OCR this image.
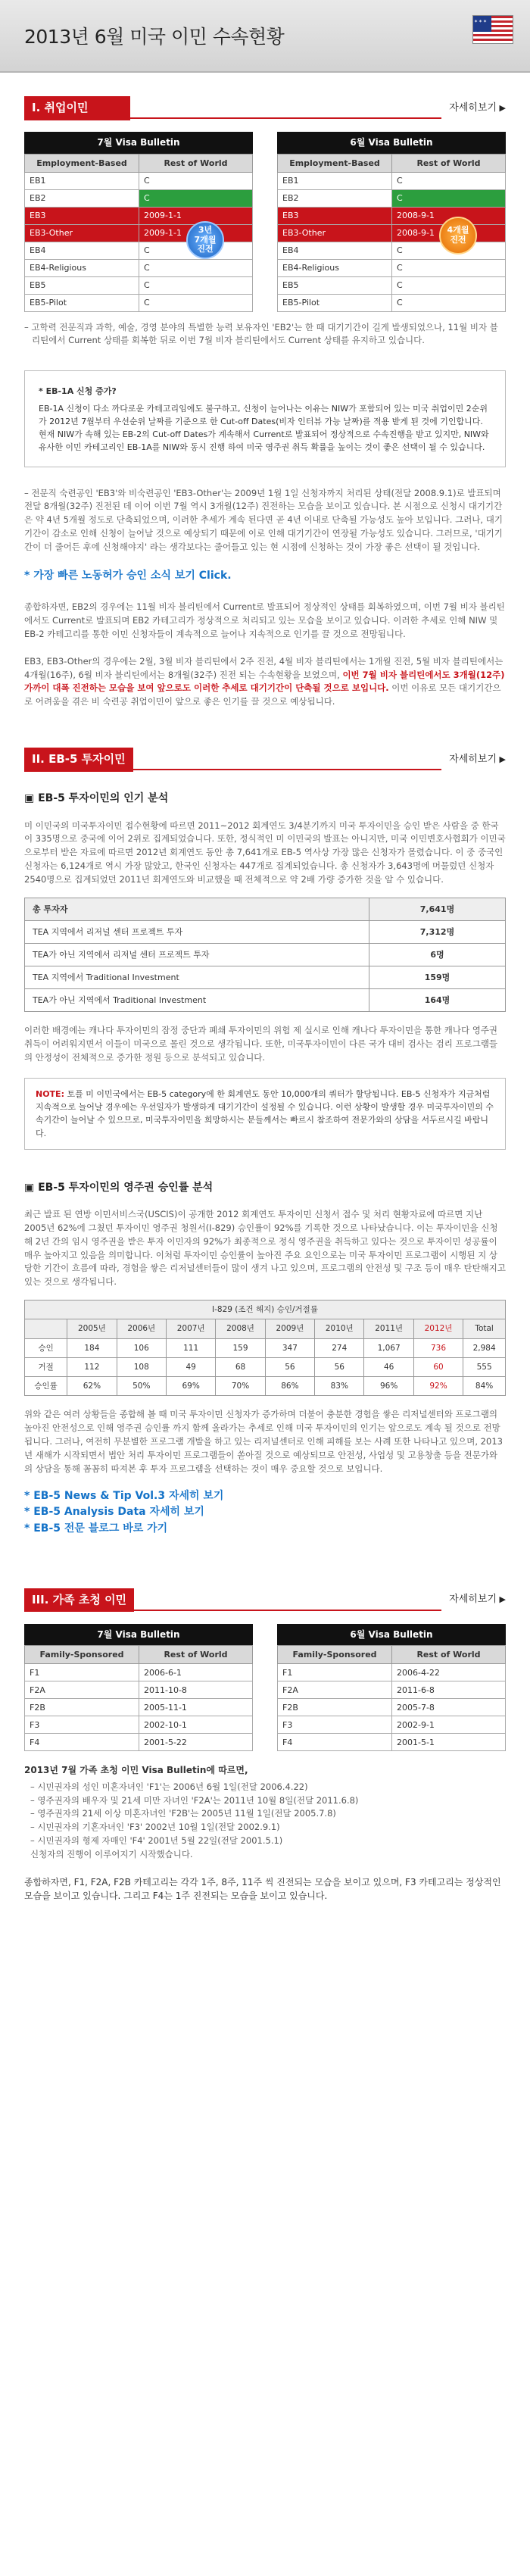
2013년 6월 미국 이민 수속현황
✶✶✶
I. 취업이민	자세히보기 ▶
7월 Visa Bulletin
Employment-Based	Rest of World
EB1	C
EB2	C
EB3	2009-1-1
EB3-Other	2009-1-1
EB4	C
EB4-Religious	C
EB5	C
EB5-Pilot	C
3년
7개월
진전
6월 Visa Bulletin
Employment-Based	Rest of World
EB1	C
EB2	C
EB3	2008-9-1
EB3-Other	2008-9-1
EB4	C
EB4-Religious	C
EB5	C
EB5-Pilot	C
4개월
진전

– 고학력 전문직과 과학, 예술, 경영 분야의 특별한 능력 보유자인 'EB2'는 한 때 대기기간이 길게 발생되었으나, 11월 비자 블리틴에서 Current 상태를 회복한 뒤로 이번 7월 비자 블리틴에서도 Current 상태를 유지하고 있습니다.

* EB-1A 신청 증가?
EB-1A 신청이 다소 까다로운 카테고리임에도 불구하고, 신청이 늘어나는 이유는 NIW가 포함되어 있는 미국 취업이민 2순위가 2012년 7월부터 우선순위 날짜를 기준으로 한 Cut-off Dates(비자 인터뷰 가능 날짜)를 적용 받게 된 것에 기인합니다. 현재 NIW가 속해 있는 EB-2의 Cut-off Dates가 계속해서 Current로 발표되어 정상적으로 수속진행을 받고 있지만, NIW와 유사한 이민 카테고리인 EB-1A를 NIW와 동시 진행 하여 미국 영주권 취득 확률을 높이는 것이 좋은 선택이 될 수 있습니다.
– 전문직 숙련공인 'EB3'와 비숙련공인 'EB3-Other'는 2009년 1월 1일 신청자까지 처리된 상태(전달 2008.9.1)로 발표되며 전달 8개월(32주) 진전된 데 이어 이번 7월 역시 3개월(12주) 진전하는 모습을 보이고 있습니다. 본 시점으로 신청시 대기기간은 약 4년 5개월 정도로 단축되었으며, 이러한 추세가 계속 된다면 곧 4년 이내로 단축될 가능성도 높아 보입니다. 그러나, 대기기간이 감소로 인해 신청이 늘어날 것으로 예상되기 때문에 이로 인해 대기기간이 연장될 가능성도 있습니다. 그러므로, '대기기간이 더 줄어든 후에 신청해야지' 라는 생각보다는 줄어들고 있는 현 시점에 신청하는 것이 가장 좋은 선택이 될 것입니다.
* 가장 빠른 노동허가 승인 소식 보기 Click.
종합하자면, EB2의 경우에는 11월 비자 블리틴에서 Current로 발표되어 정상적인 상태를 회복하였으며, 이번 7월 비자 블리틴에서도 Current로 발표되며 EB2 카테고리가 정상적으로 처리되고 있는 모습을 보이고 있습니다. 이러한 추세로 인해 NIW 및 EB-2 카테고리를 통한 이민 신청자들이 계속적으로 늘어나 지속적으로 인기를 끌 것으로 전망됩니다.
EB3, EB3-Other의 경우에는 2월, 3월 비자 블리틴에서 2주 진전, 4월 비자 블리틴에서는 1개월 진전, 5월 비자 블리틴에서는 4개월(16주), 6월 비자 블리틴에서는 8개월(32주) 진전 되는 수속현황을 보였으며, 이번 7월 비자 블리틴에서도 3개월(12주) 가까이 대폭 진전하는 모습을 보여 앞으로도 이러한 추세로 대기기간이 단축될 것으로 보입니다. 이번 이유로 모든 대기기간으로 어려움을 겪은 비 숙련공 취업이민이 앞으로 좋은 인기를 끌 것으로 예상됩니다.
II. EB-5 투자이민	자세히보기 ▶
▣ EB-5 투자이민의 인기 분석
미 이민국의 미국투자이민 접수현황에 따르면 2011~2012 회계연도 3/4분기까지 미국 투자이민을 승인 받은 사람을 중 한국이 335명으로 중국에 이어 2위로 집계되었습니다. 또한, 정식적인 미 이민국의 발표는 아니지만, 미국 이민변호사협회가 이민국으로부터 받은 자료에 따르면 2012년 회계연도 동안 총 7,641개로 EB-5 역사상 가장 많은 신청자가 몰렸습니다. 이 중 중국인 신청자는 6,124개로 역시 가장 많았고, 한국인 신청자는 447개로 집계되었습니다. 총 신청자가 3,643명에 머물렀던 신청자 2540명으로 집계되었던 2011년 회계연도와 비교했을 때 전체적으로 약 2배 가량 증가한 것을 알 수 있습니다.
총 투자자	7,641명
TEA 지역에서 리저널 센터 프로젝트 투자	7,312명
TEA가 아닌 지역에서 리저널 센터 프로젝트 투자	6명
TEA 지역에서 Traditional Investment	159명
TEA가 아닌 지역에서 Traditional Investment	164명
이러한 배경에는 캐나다 투자이민의 잠정 중단과 폐쇄 투자이민의 위험 제 실시로 인해 캐나다 투자이민을 통한 캐나다 영주권 취득이 어려워지면서 이들이 미국으로 몰린 것으로 생각됩니다. 또한, 미국투자이민이 다른 국가 대비 검사는 검리 프로그램들의 안정성이 전체적으로 증가한 정원 등으로 분석되고 있습니다.
NOTE: 토플 미 이민국에서는 EB-5 category에 한 회계연도 동안 10,000개의 쿼터가 할당됩니다. EB-5 신청자가 지금처럼 지속적으로 늘어날 경우에는 우선일자가 발생하게 대기기간이 설정될 수 있습니다. 이런 상황이 발생할 경우 미국투자이민의 수속기간이 늘어날 수 있으므로, 미국투자이민을 희망하시는 분들께서는 빠르시 참조하여 전문가와의 상담을 서두르시길 바랍니다.
▣ EB-5 투자이민의 영주권 승인률 분석
최근 발표 된 연방 이민서비스국(USCIS)이 공개한 2012 회계연도 투자이민 신청서 접수 및 처리 현황자료에 따르면 지난 2005년 62%에 그쳤던 투자이민 영주권 청원서(I-829) 승인률이 92%를 기록한 것으로 나타났습니다. 이는 투자이민을 신청해 2년 간의 임시 영주권을 받은 투자 이민자의 92%가 최종적으로 정식 영주권을 취득하고 있다는 것으로 투자이민 성공률이 매우 높아지고 있음을 의미합니다. 이처럼 투자이민 승인률이 높아진 주요 요인으로는 미국 투자이민 프로그램이 시행된 지 상당한 기간이 흐름에 따라, 경험을 쌓은 리저널센터들이 많이 생겨 나고 있으며, 프로그램의 안전성 및 구조 등이 매우 탄탄해지고 있는 것으로 생각됩니다.
I-829 (조건 해지) 승인/거절률									
	2005년	2006년	2007년	2008년	2009년	2010년	2011년	2012년	Total
승인	184	106	111	159	347	274	1,067	736	2,984
거절	112	108	49	68	56	56	46	60	555
승인률	62%	50%	69%	70%	86%	83%	96%	92%	84%
위와 같은 여러 상황들을 종합해 볼 때 미국 투자이민 신청자가 증가하며 더불어 충분한 경험을 쌓은 리저널센터와 프로그램의 높아진 안전성으로 인해 영주권 승인률 까지 함께 올라가는 추세로 인해 미국 투자이민의 인기는 앞으로도 계속 될 것으로 전망됩니다. 그러나, 여전히 무분별한 프로그램 개발을 하고 있는 리저널센터로 인해 피해를 보는 사례 또한 나타나고 있으며, 2013년 새해가 시작되면서 법안 처리 투자이민 프로그램들이 쏟아질 것으로 예상되므로 안전성, 사업성 및 고용창출 등을 전문가와의 상담을 통해 꼼꼼히 따져본 후 투자 프로그램을 선택하는 것이 매우 중요할 것으로 보입니다.
* EB-5 News & Tip Vol.3 자세히 보기
* EB-5 Analysis Data 자세히 보기
* EB-5 전문 블로그 바로 가기
III. 가족 초청 이민	자세히보기 ▶
7월 Visa Bulletin
Family-Sponsored	Rest of World
F1	2006-6-1
F2A	2011-10-8
F2B	2005-11-1
F3	2002-10-1
F4	2001-5-22
6월 Visa Bulletin
Family-Sponsored	Rest of World
F1	2006-4-22
F2A	2011-6-8
F2B	2005-7-8
F3	2002-9-1
F4	2001-5-1
2013년 7월 가족 초청 이민 Visa Bulletin에 따르면,
– 시민권자의 성인 미혼자녀인 'F1'는 2006년 6월 1일(전달 2006.4.22)
– 영주권자의 배우자 및 21세 미만 자녀인 'F2A'는 2011년 10월 8일(전달 2011.6.8)
– 영주권자의 21세 이상 미혼자녀인 'F2B'는 2005년 11월 1일(전달 2005.7.8)
– 시민권자의 기혼자녀인 'F3' 2002년 10월 1일(전달 2002.9.1)
– 시민권자의 형제 자매인 'F4' 2001년 5월 22일(전달 2001.5.1)
신청자의 진행이 이루어지기 시작했습니다.
종합하자면, F1, F2A, F2B 카테고리는 각각 1주, 8주, 11주 씩 진전되는 모습을 보이고 있으며, F3 카테고리는 정상적인 모습을 보이고 있습니다. 그리고 F4는 1주 진전되는 모습을 보이고 있습니다.
